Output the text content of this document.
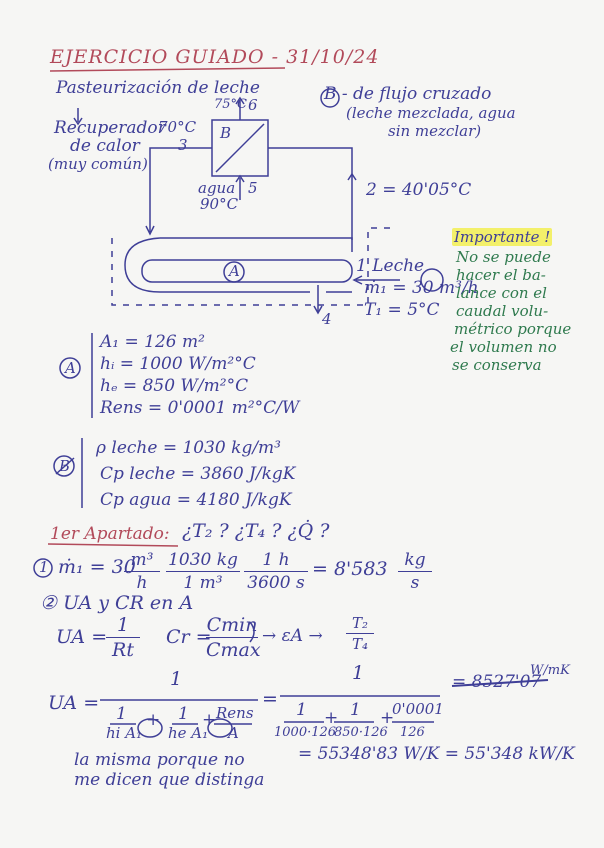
EJERCICIO GUIADO - 31/10/24
Pasteurización de leche
Recuperador
de calor
(muy común)
70°C
3
75°C 6
B
agua
90°C
5
B - de flujo cruzado
(leche mezclada, agua
sin mezclar)
2 = 40'05°C
A	1 Leche
ṁ₁ = 30 m³/h
T₁ = 5°C
4
Importante !
No se puede
hacer el ba-
lance con el
caudal volu-
métrico porque
el volumen no
se conserva
A
A₁ = 126 m²
hᵢ = 1000 W/m²°C
hₑ = 850 W/m²°C
Rens = 0'0001 m²°C/W
B
ρ leche = 1030 kg/m³
Cp leche = 3860 J/kgK
Cp agua = 4180 J/kgK
1er Apartado: ¿T₂ ? ¿T₄ ? ¿Q̇ ?
1 ṁ₁ = 30
m³
h
1030 kg
1 m³
1 h
3600 s
= 8'583 kg
s
② UA y CR en A
UA =
1
Rt
Cr =
Cmin
Cmax
→ εA →
T₂
T₄
UA =
1
1
hi A₁
+ 1
he A₁
+ Rens
A
=
1
1
1000·126
+ 1
850·126
+
0'0001
126
= 8527'07
W/mK
= 55348'83 W/K = 55'348 kW/K
la misma porque no
me dicen que distinga
